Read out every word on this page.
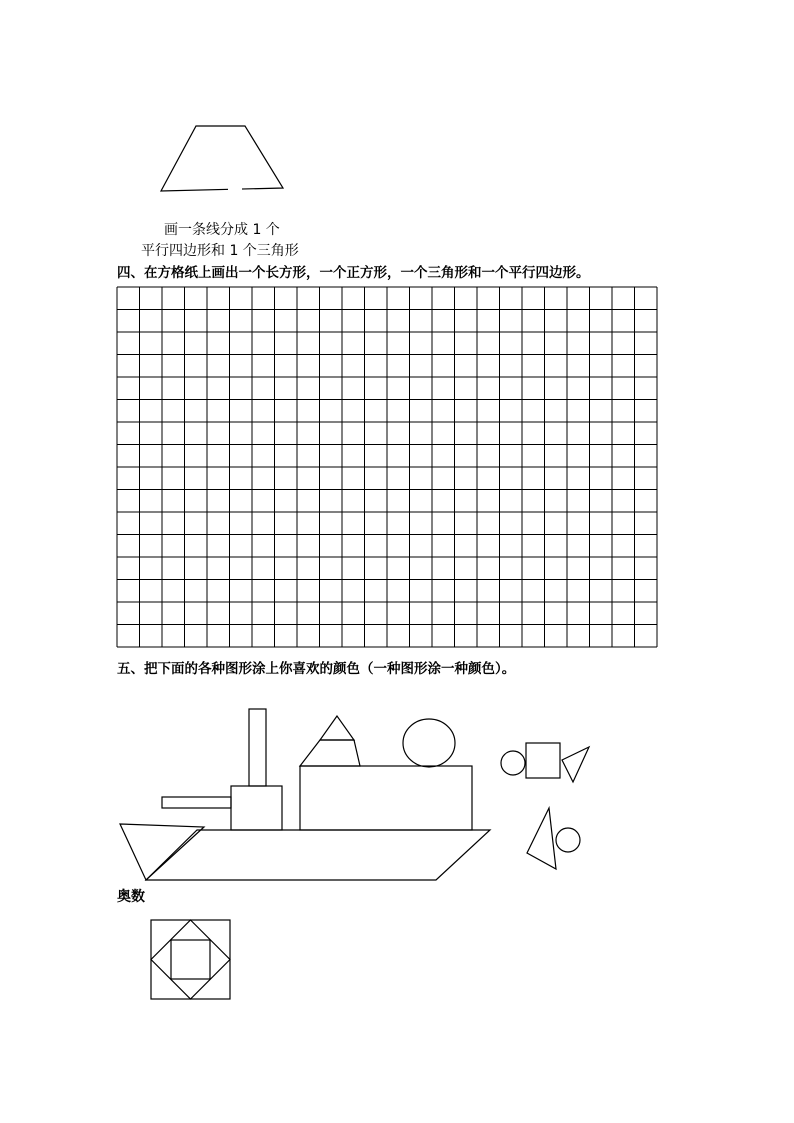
画一条线分成 1 个
平行四边形和 1 个三角形
四、在方格纸上画出一个长方形，一个正方形，一个三角形和一个平行四边形。
五、把下面的各种图形涂上你喜欢的颜色（一种图形涂一种颜色）。
奥数
